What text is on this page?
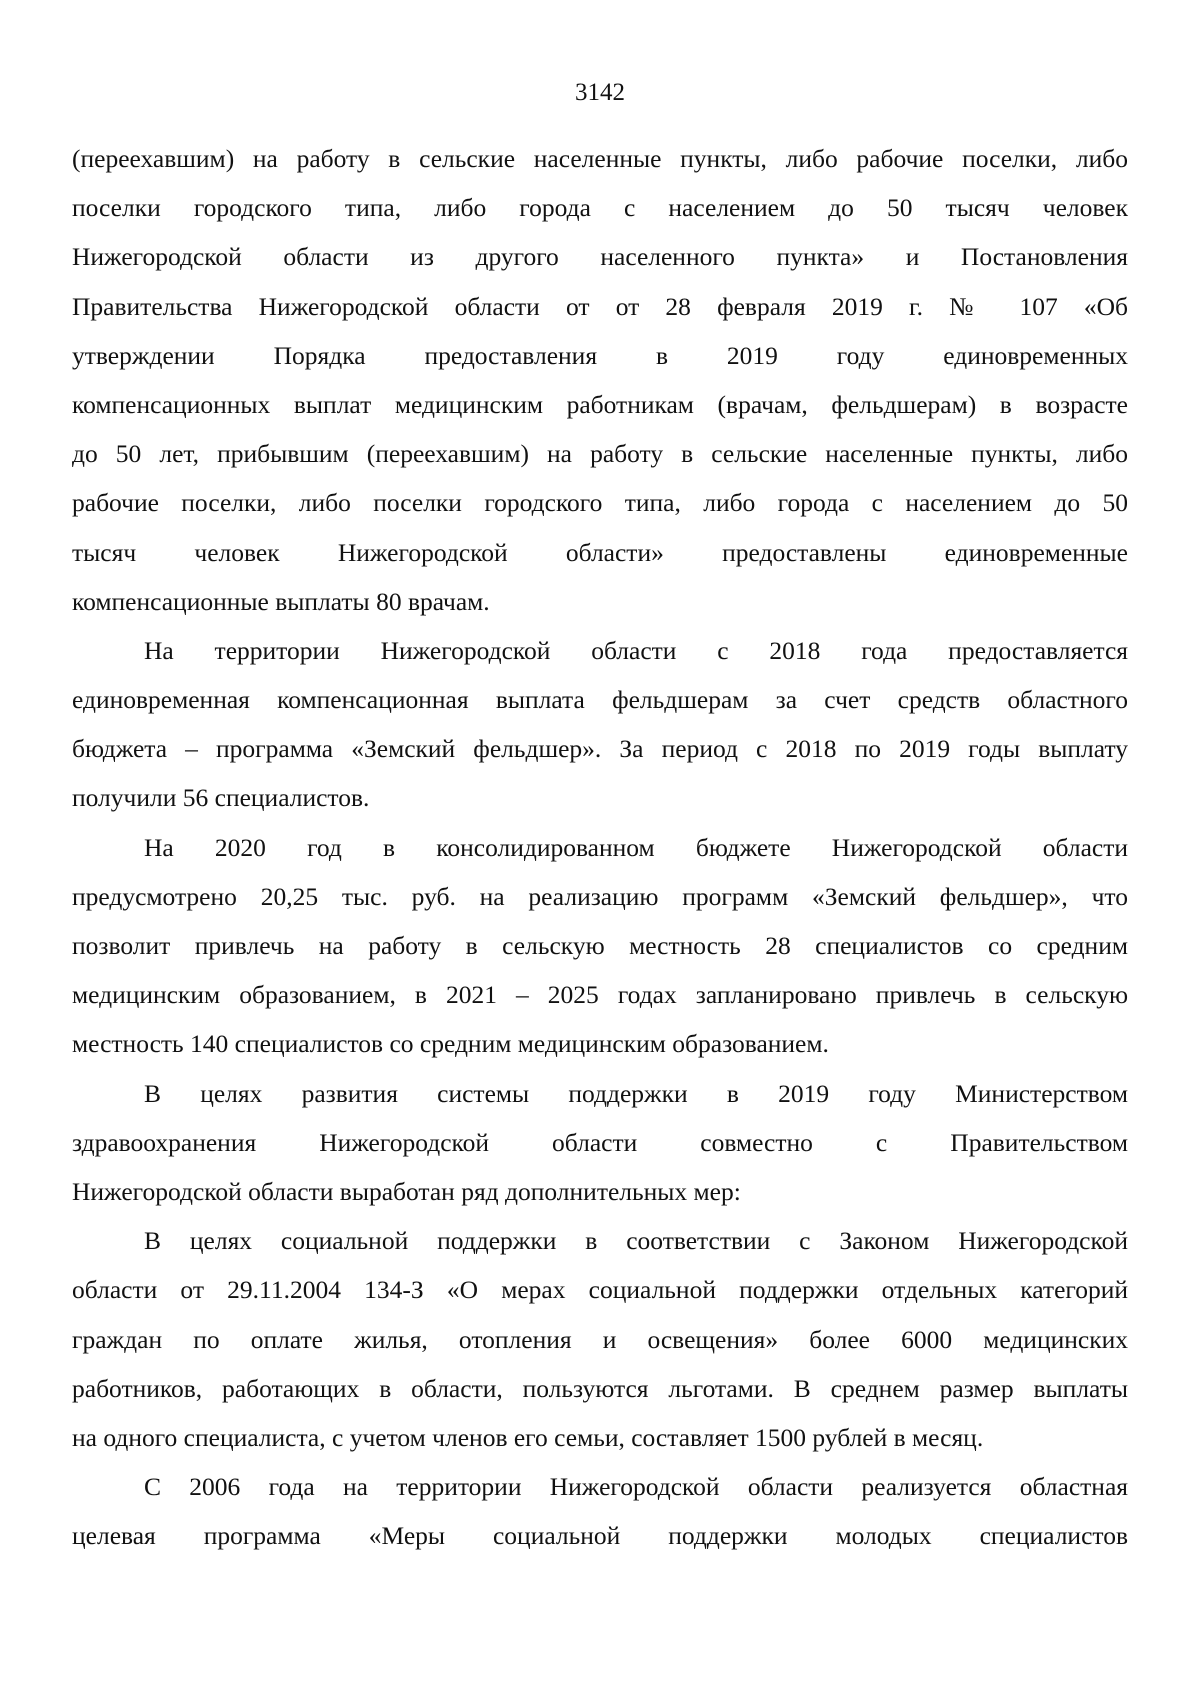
3142
(переехавшим) на работу в сельские населенные пункты, либо рабочие поселки, либо
поселки городского типа, либо города с населением до 50 тысяч человек
Нижегородской области из другого населенного пункта» и Постановления
Правительства Нижегородской области от от 28 февраля 2019 г. № 107 «Об
утверждении Порядка предоставления в 2019 году единовременных
компенсационных выплат медицинским работникам (врачам, фельдшерам) в возрасте
до 50 лет, прибывшим (переехавшим) на работу в сельские населенные пункты, либо
рабочие поселки, либо поселки городского типа, либо города с населением до 50
тысяч человек Нижегородской области» предоставлены единовременные
компенсационные выплаты 80 врачам.
На территории Нижегородской области с 2018 года предоставляется
единовременная компенсационная выплата фельдшерам за счет средств областного
бюджета – программа «Земский фельдшер». За период с 2018 по 2019 годы выплату
получили 56 специалистов.
На 2020 год в консолидированном бюджете Нижегородской области
предусмотрено 20,25 тыс. руб. на реализацию программ «Земский фельдшер», что
позволит привлечь на работу в сельскую местность 28 специалистов со средним
медицинским образованием, в 2021 – 2025 годах запланировано привлечь в сельскую
местность 140 специалистов со средним медицинским образованием.
В целях развития системы поддержки в 2019 году Министерством
здравоохранения Нижегородской области совместно с Правительством
Нижегородской области выработан ряд дополнительных мер:
В целях социальной поддержки в соответствии с Законом Нижегородской
области от 29.11.2004 134-З «О мерах социальной поддержки отдельных категорий
граждан по оплате жилья, отопления и освещения» более 6000 медицинских
работников, работающих в области, пользуются льготами. В среднем размер выплаты
на одного специалиста, с учетом членов его семьи, составляет 1500 рублей в месяц.
С 2006 года на территории Нижегородской области реализуется областная
целевая программа «Меры социальной поддержки молодых специалистов
